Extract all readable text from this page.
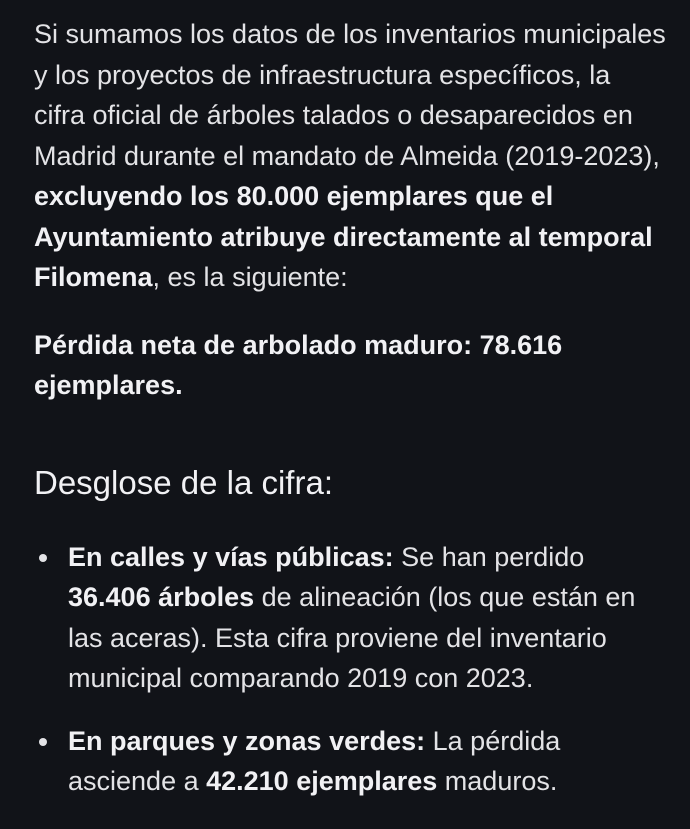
Si sumamos los datos de los inventarios municipales y los proyectos de infraestructura específicos, la cifra oficial de árboles talados o desaparecidos en Madrid durante el mandato de Almeida (2019-2023), excluyendo los 80.000 ejemplares que el Ayuntamiento atribuye directamente al temporal Filomena, es la siguiente:

Pérdida neta de arbolado maduro: 78.616 ejemplares.

Desglose de la cifra:
En calles y vías públicas: Se han perdido 36.406 árboles de alineación (los que están en las aceras). Esta cifra proviene del inventario municipal comparando 2019 con 2023.
En parques y zonas verdes: La pérdida asciende a 42.210 ejemplares maduros.
